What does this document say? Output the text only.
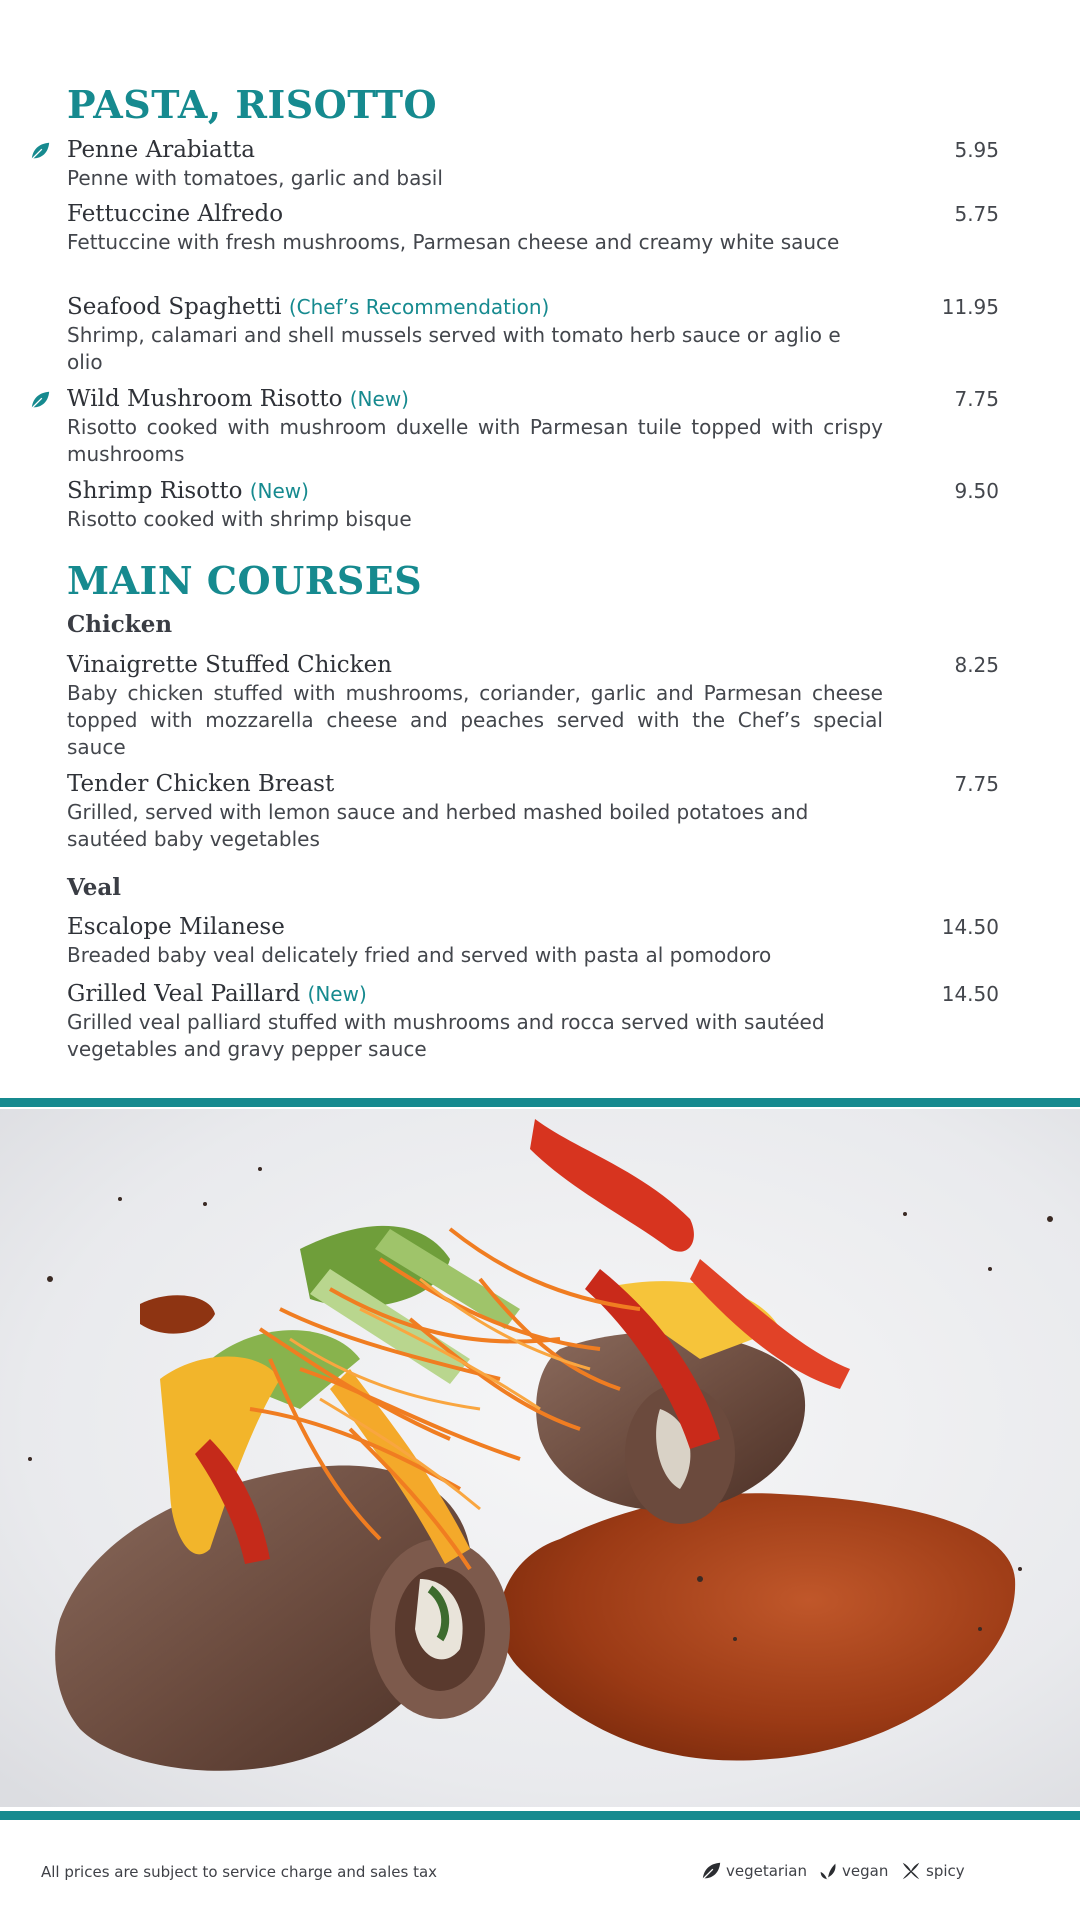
PASTA, RISOTTO
Penne Arabiatta
Penne with tomatoes, garlic and basil
5.95
Fettuccine Alfredo
Fettuccine with fresh mushrooms, Parmesan cheese and creamy white sauce
5.75
Seafood Spaghetti (Chef’s Recommendation)
Shrimp, calamari and shell mussels served with tomato herb sauce or aglio e olio
11.95
Wild Mushroom Risotto (New)
Risotto cooked with mushroom duxelle with Parmesan tuile topped with crispy mushrooms
7.75
Shrimp Risotto (New)
Risotto cooked with shrimp bisque
9.50
MAIN COURSES
Chicken
Vinaigrette Stuffed Chicken
Baby chicken stuffed with mushrooms, coriander, garlic and Parmesan cheese topped with mozzarella cheese and peaches served with the Chef’s special sauce
8.25
Tender Chicken Breast
Grilled, served with lemon sauce and herbed mashed boiled potatoes and sautéed baby vegetables
7.75
Veal
Escalope Milanese
Breaded baby veal delicately fried and served with pasta al pomodoro
14.50
Grilled Veal Paillard (New)
Grilled veal palliard stuffed with mushrooms and rocca served with sautéed vegetables and gravy pepper sauce
14.50
All prices are subject to service charge and sales tax	vegetarian vegan	spicy
